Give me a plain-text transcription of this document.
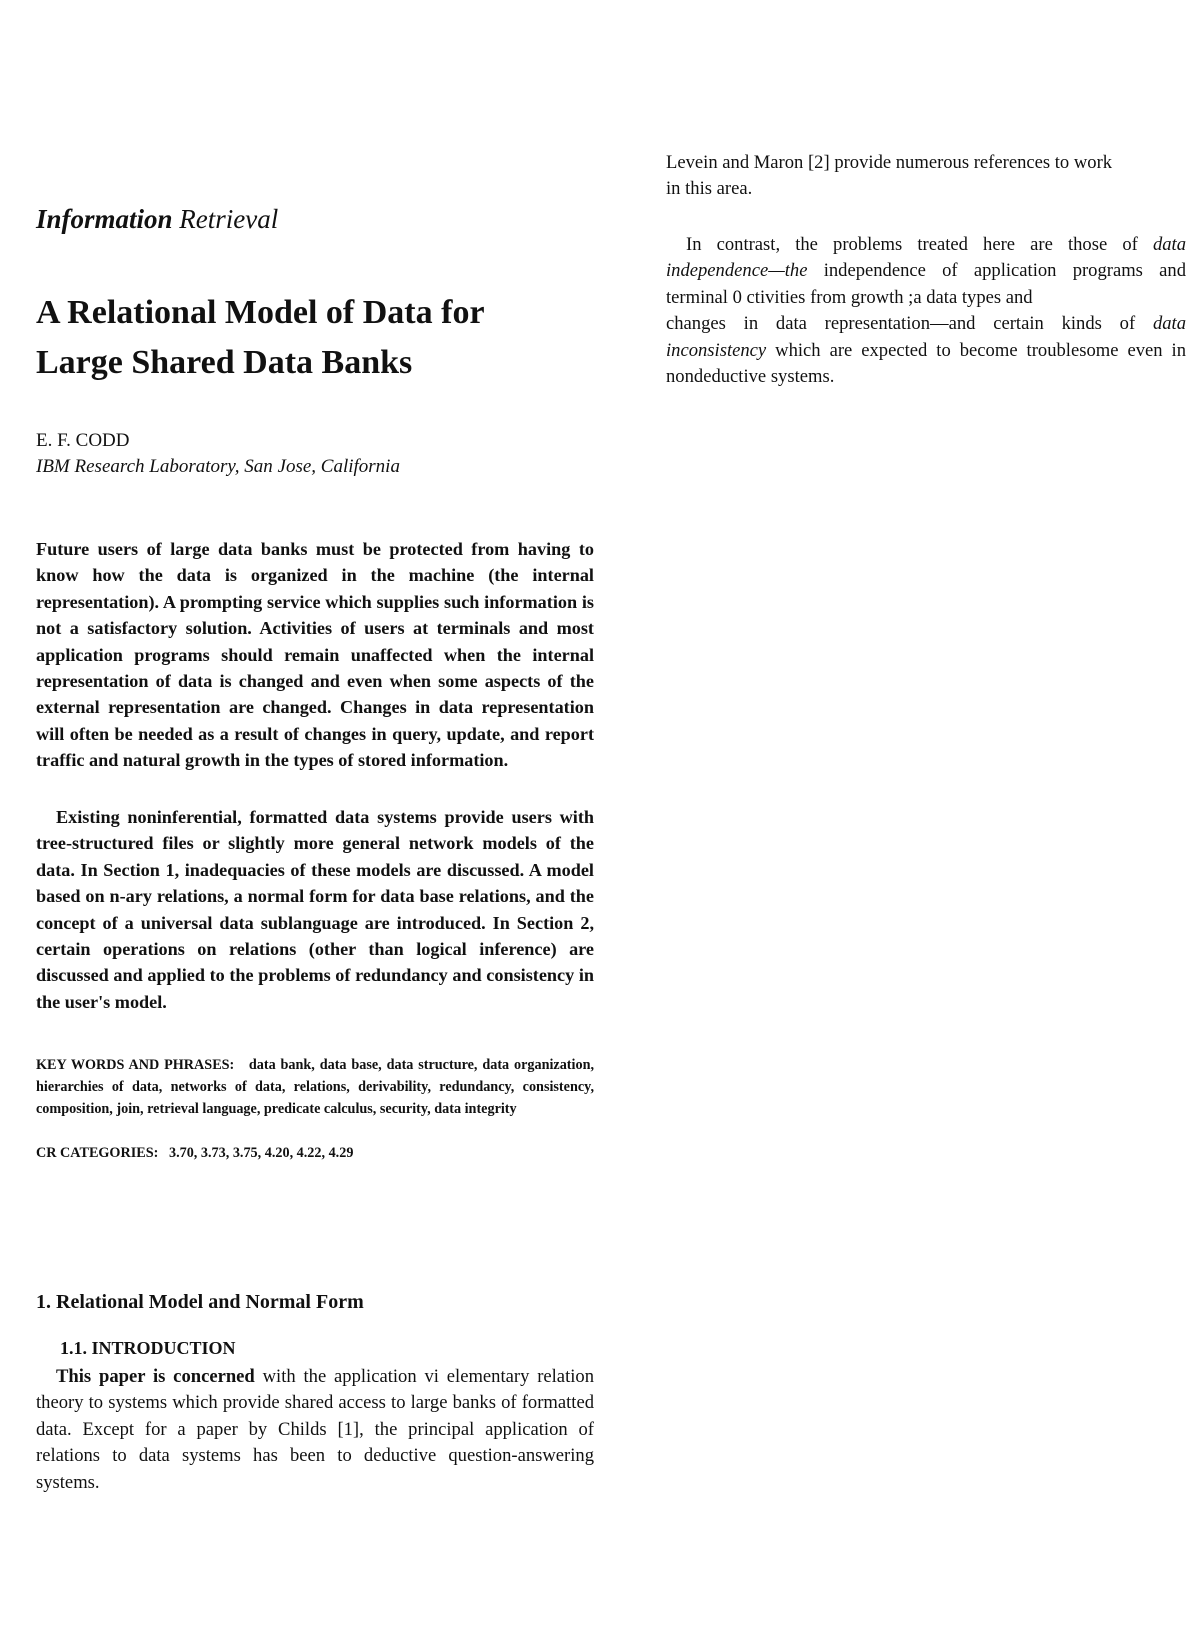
Information Retrieval
A Relational Model of Data for
Large Shared Data Banks
E. F. CODD
IBM Research Laboratory, San Jose, California

Future users of large data banks must be protected from having to know how the data is organized in the machine (the internal representation). A prompting service which supplies such information is not a satisfactory solution. Activities of users at terminals and most application programs should remain unaffected when the internal representation of data is changed and even when some aspects of the external representation are changed. Changes in data representation will often be needed as a result of changes in query, update, and report traffic and natural growth in the types of stored information.

Existing noninferential, formatted data systems provide users with tree-structured files or slightly more general network models of the data. In Section 1, inadequacies of these models are discussed. A model based on n-ary relations, a normal form for data base relations, and the concept of a universal data sublanguage are introduced. In Section 2, certain operations on relations (other than logical inference) are discussed and applied to the problems of redundancy and consistency in the user's model.

KEY WORDS AND PHRASES: data bank, data base, data structure, data organization, hierarchies of data, networks of data, relations, derivability, redundancy, consistency, composition, join, retrieval language, predicate calculus, security, data integrity

CR CATEGORIES: 3.70, 3.73, 3.75, 4.20, 4.22, 4.29
1. Relational Model and Normal Form
1.1. INTRODUCTION

This paper is concerned with the application vi elementary relation theory to systems which provide shared access to large banks of formatted data. Except for a paper by Childs [1], the principal application of relations to data systems has been to deductive question-answering systems.

Levein and Maron [2] provide numerous references to work
in this area.

In contrast, the problems treated here are those of data independence—the independence of application programs and terminal 0 ctivities from growth ;a data types and
changes in data representation—and certain kinds of data inconsistency which are expected to become troublesome even in nondeductive systems.
